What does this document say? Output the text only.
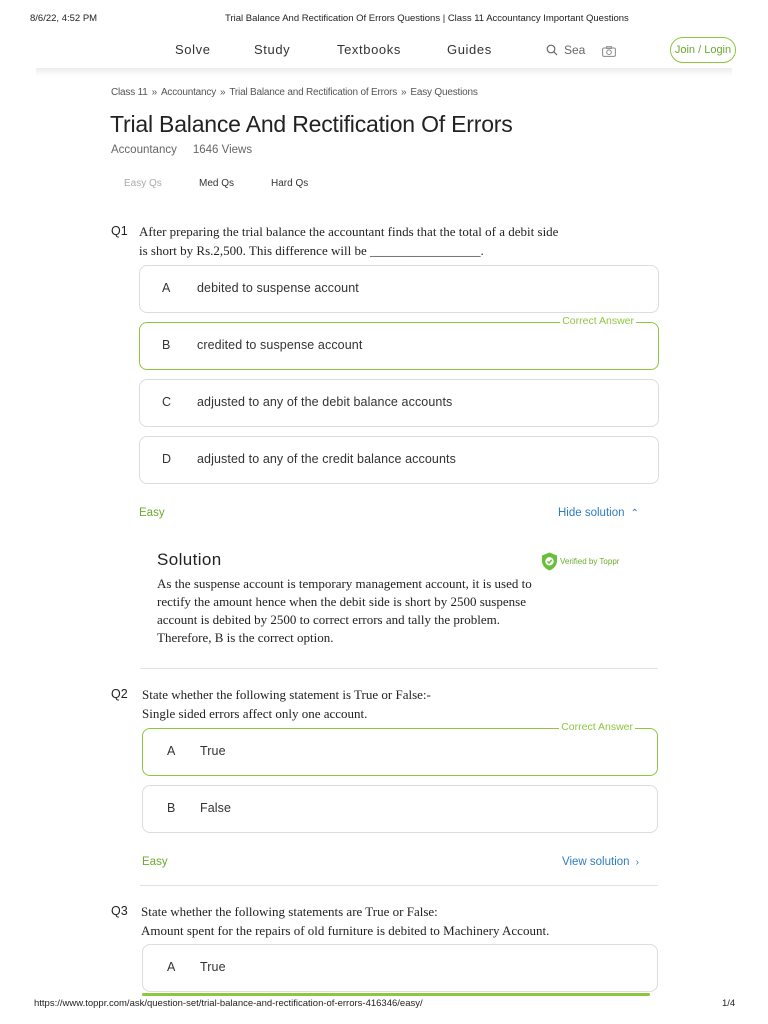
8/6/22, 4:52 PM	Trial Balance And Rectification Of Errors Questions | Class 11 Accountancy Important Questions
Solve	Study	Textbooks	Guides	Sea	Join / Login
Class 11 » Accountancy » Trial Balance and Rectification of Errors » Easy Questions
Trial Balance And Rectification Of Errors
Accountancy 1646 Views
Easy Qs	Med Qs	Hard Qs
Q1 After preparing the trial balance the accountant finds that the total of a debit side
is short by Rs.2,500. This difference will be _________________.
A debited to suspense account
Correct Answer
B credited to suspense account
C adjusted to any of the debit balance accounts
D adjusted to any of the credit balance accounts
Easy	Hide solution ⌃
Solution	Verified by Toppr
As the suspense account is temporary management account, it is used to
rectify the amount hence when the debit side is short by 2500 suspense
account is debited by 2500 to correct errors and tally the problem.
Therefore, B is the correct option.
Q2 State whether the following statement is True or False:-
Single sided errors affect only one account.
Correct Answer
A True
B False
Easy	View solution ›
Q3 State whether the following statements are True or False:
Amount spent for the repairs of old furniture is debited to Machinery Account.
A True
https://www.toppr.com/ask/question-set/trial-balance-and-rectification-of-errors-416346/easy/	1/4
